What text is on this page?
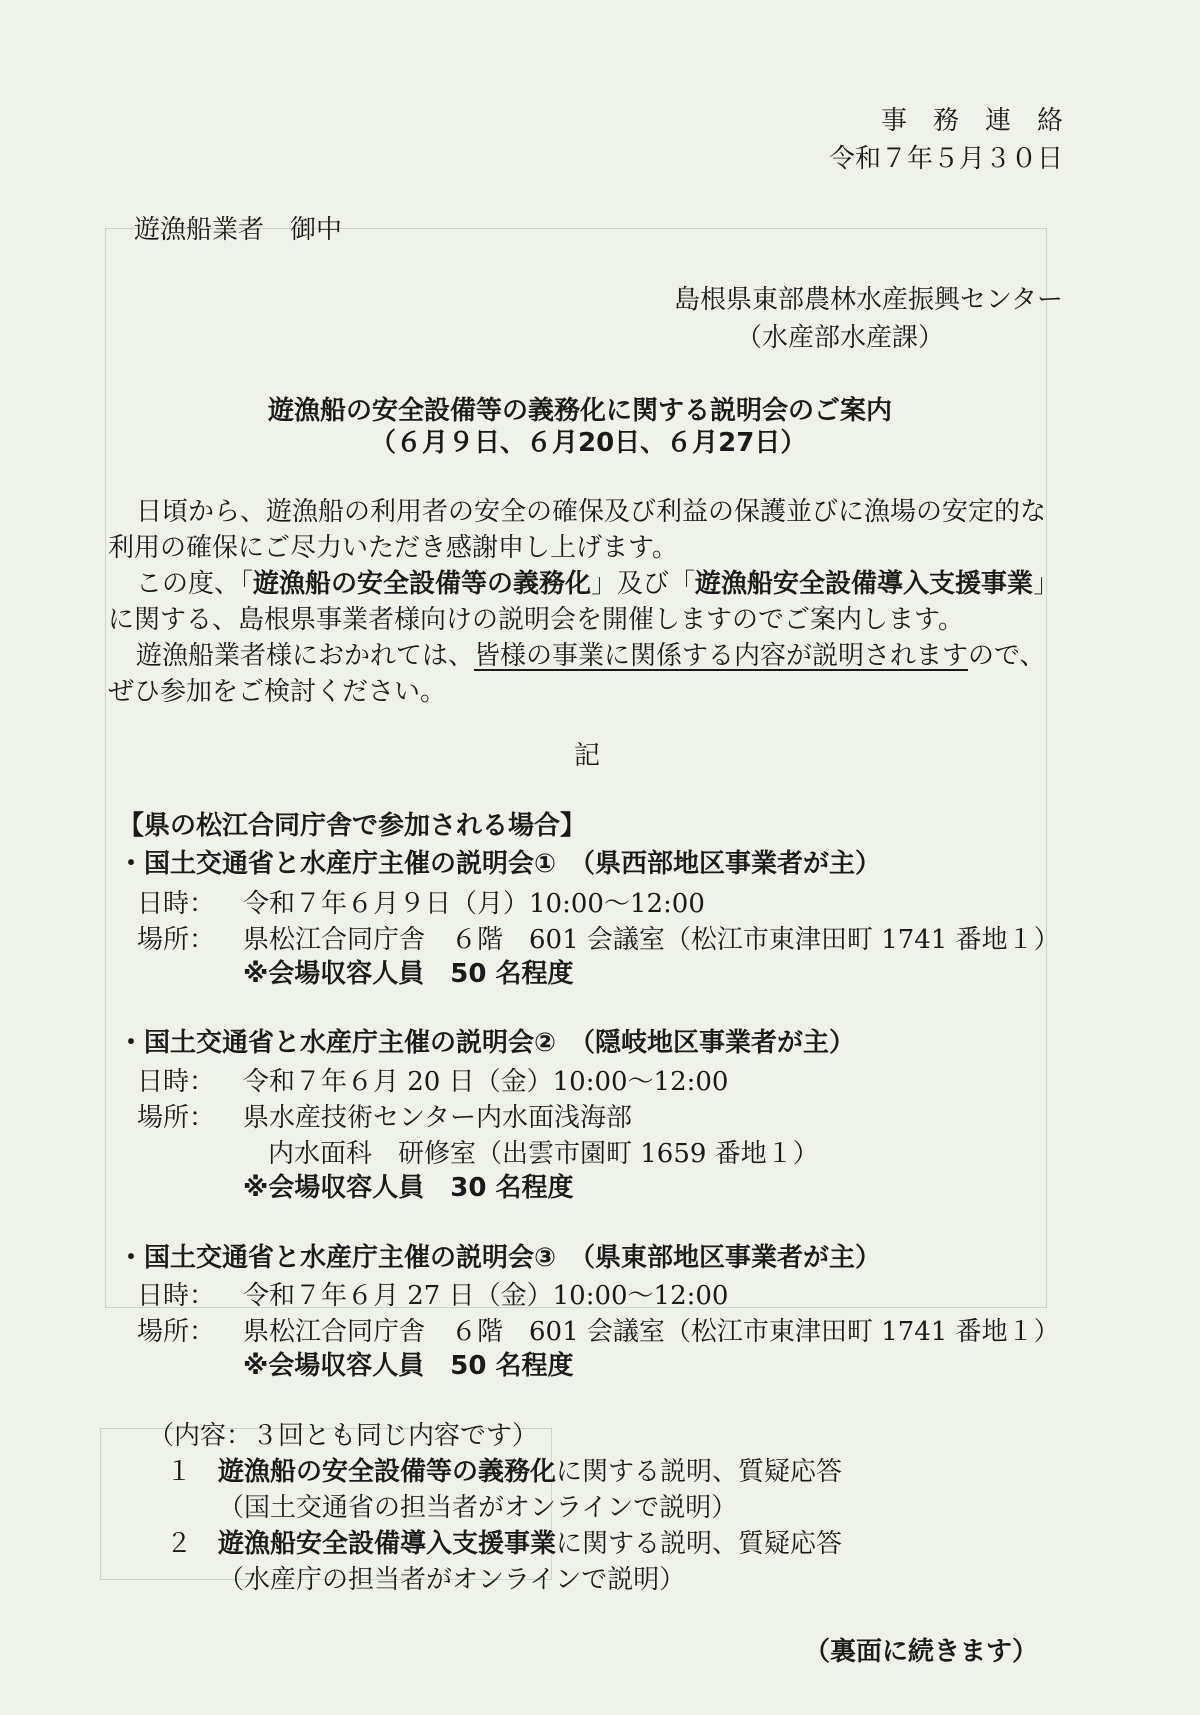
事　務　連　絡
令和７年５月３０日
遊漁船業者　御中
島根県東部農林水産振興センター
（水産部水産課）
遊漁船の安全設備等の義務化に関する説明会のご案内
（６月９日、６月20日、６月27日）
日頃から、遊漁船の利用者の安全の確保及び利益の保護並びに漁場の安定的な
利用の確保にご尽力いただき感謝申し上げます。
この度、「遊漁船の安全設備等の義務化」及び「遊漁船安全設備導入支援事業」
に関する、島根県事業者様向けの説明会を開催しますのでご案内します。
遊漁船業者様におかれては、皆様の事業に関係する内容が説明されますので、
ぜひ参加をご検討ください。
記
【県の松江合同庁舎で参加される場合】
・国土交通省と水産庁主催の説明会①　（県西部地区事業者が主）
日時： 令和７年６月９日（月）10:00～12:00
場所： 県松江合同庁舎　６階　601 会議室（松江市東津田町 1741 番地１）
※会場収容人員　50 名程度
・国土交通省と水産庁主催の説明会②　（隠岐地区事業者が主）
日時： 令和７年６月 20 日（金）10:00～12:00
場所： 県水産技術センター内水面浅海部
内水面科　研修室（出雲市園町 1659 番地１）
※会場収容人員　30 名程度
・国土交通省と水産庁主催の説明会③　（県東部地区事業者が主）
日時： 令和７年６月 27 日（金）10:00～12:00
場所： 県松江合同庁舎　６階　601 会議室（松江市東津田町 1741 番地１）
※会場収容人員　50 名程度
（内容：３回とも同じ内容です）
１ 遊漁船の安全設備等の義務化に関する説明、質疑応答
（国土交通省の担当者がオンラインで説明）
２ 遊漁船安全設備導入支援事業に関する説明、質疑応答
（水産庁の担当者がオンラインで説明）
（裏面に続きます）
